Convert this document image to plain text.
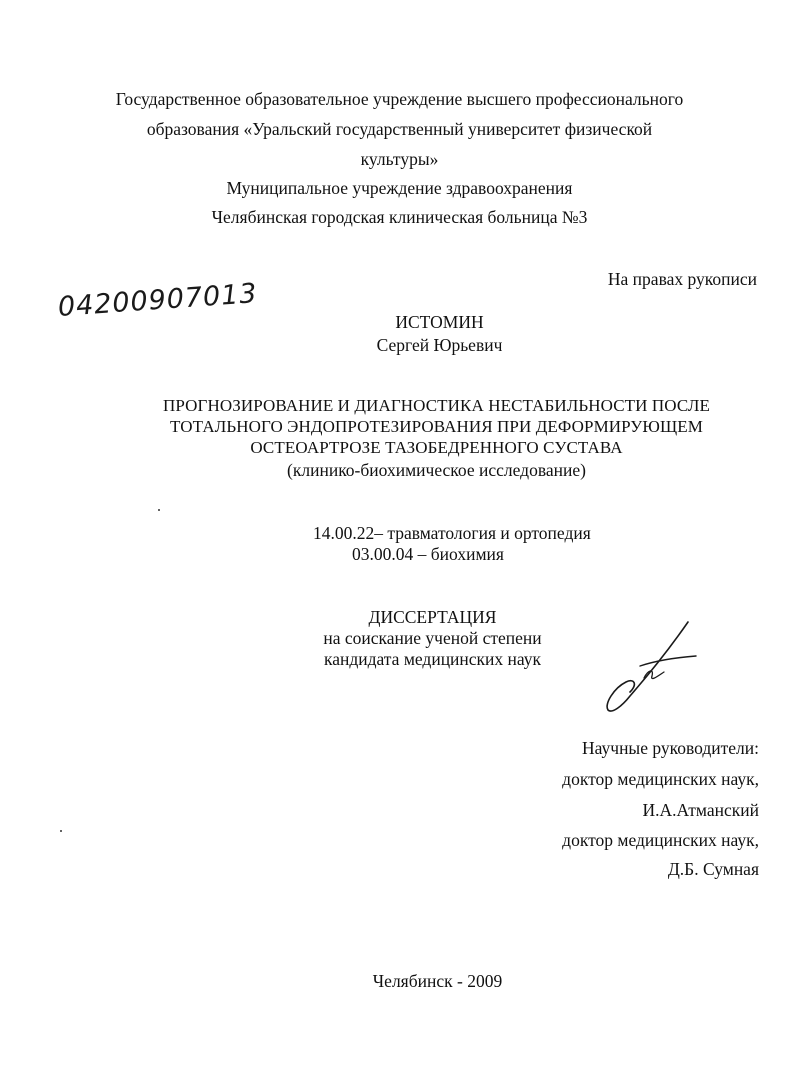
Государственное образовательное учреждение высшего профессионального
образования «Уральский государственный университет физической
культуры»
Муниципальное учреждение здравоохранения
Челябинская городская клиническая больница №3
На правах рукописи
04200907013	ИСТОМИН
Сергей Юрьевич
ПРОГНОЗИРОВАНИЕ И ДИАГНОСТИКА НЕСТАБИЛЬНОСТИ ПОСЛЕ
ТОТАЛЬНОГО ЭНДОПРОТЕЗИРОВАНИЯ ПРИ ДЕФОРМИРУЮЩЕМ
ОСТЕОАРТРОЗЕ ТАЗОБЕДРЕННОГО СУСТАВА
(клинико-биохимическое исследование)
14.00.22– травматология и ортопедия
03.00.04 – биохимия
ДИССЕРТАЦИЯ
на соискание ученой степени
кандидата медицинских наук
Научные руководители:
доктор медицинских наук,
И.А.Атманский
доктор медицинских наук,
Д.Б. Сумная
Челябинск - 2009
